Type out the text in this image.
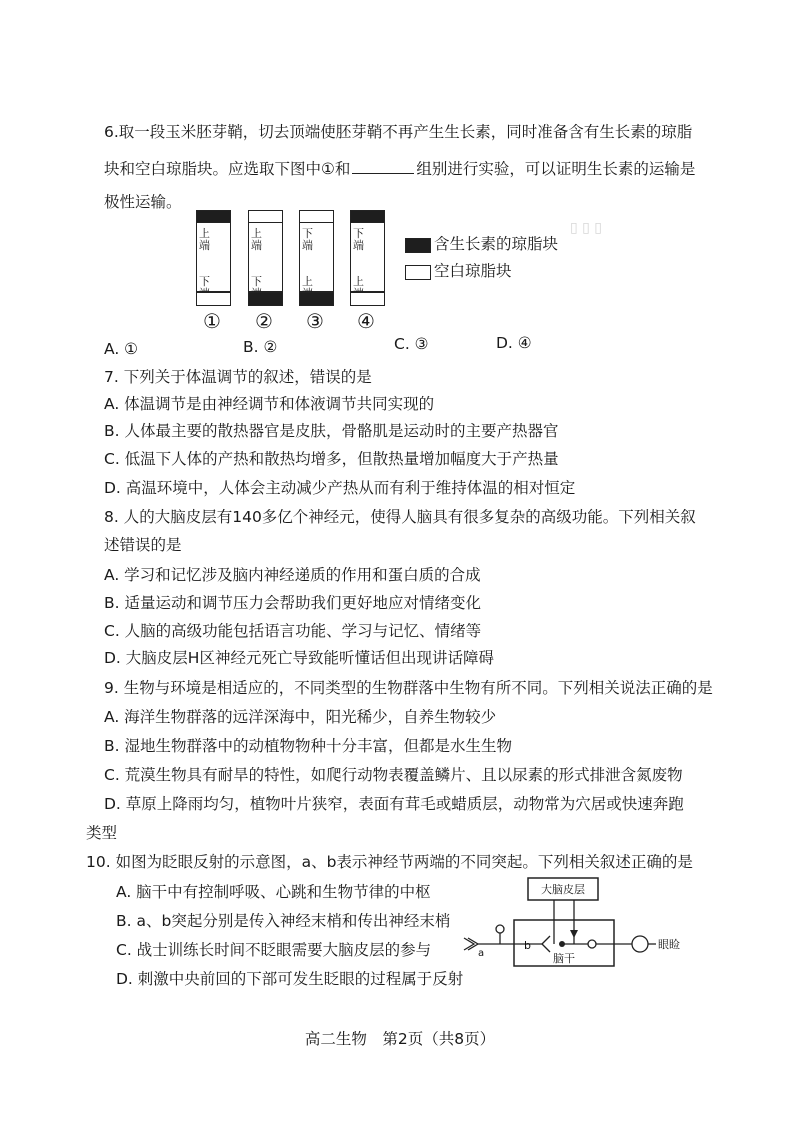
▯ ▯ ▯
6.取一段玉米胚芽鞘，切去顶端使胚芽鞘不再产生生长素，同时准备含有生长素的琼脂
块和空白琼脂块。应选取下图中①和	组别进行实验，可以证明生长素的运输是
极性运输。
上端
下
①
上端
下
②
下端
上
③
下端
上
④
含生长素的琼脂块
空白琼脂块
A. ①	B. ②	C. ③	D. ④
7. 下列关于体温调节的叙述，错误的是
A. 体温调节是由神经调节和体液调节共同实现的
B. 人体最主要的散热器官是皮肤，骨骼肌是运动时的主要产热器官
C. 低温下人体的产热和散热均增多，但散热量增加幅度大于产热量
D. 高温环境中，人体会主动减少产热从而有利于维持体温的相对恒定
8. 人的大脑皮层有140多亿个神经元，使得人脑具有很多复杂的高级功能。下列相关叙
述错误的是
A. 学习和记忆涉及脑内神经递质的作用和蛋白质的合成
B. 适量运动和调节压力会帮助我们更好地应对情绪变化
C. 人脑的高级功能包括语言功能、学习与记忆、情绪等
D. 大脑皮层H区神经元死亡导致能听懂话但出现讲话障碍
9. 生物与环境是相适应的，不同类型的生物群落中生物有所不同。下列相关说法正确的是
A. 海洋生物群落的远洋深海中，阳光稀少，自养生物较少
B. 湿地生物群落中的动植物物种十分丰富，但都是水生生物
C. 荒漠生物具有耐旱的特性，如爬行动物表覆盖鳞片、且以尿素的形式排泄含氮废物
D. 草原上降雨均匀，植物叶片狭窄，表面有茸毛或蜡质层，动物常为穴居或快速奔跑
类型
10. 如图为眨眼反射的示意图，a、b表示神经节两端的不同突起。下列相关叙述正确的是
A. 脑干中有控制呼吸、心跳和生物节律的中枢
B. a、b突起分别是传入神经末梢和传出神经末梢
C. 战士训练长时间不眨眼需要大脑皮层的参与
D. 刺激中央前回的下部可发生眨眼的过程属于反射
大脑皮层
脑干
眼睑
a
b
高二生物　第2页（共8页）
